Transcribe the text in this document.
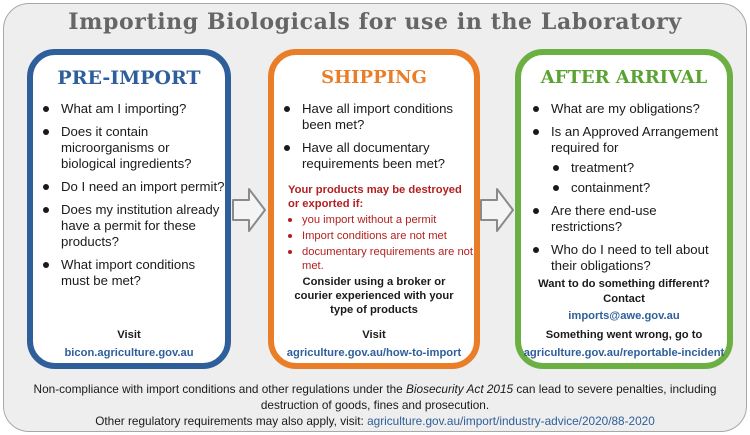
Importing Biologicals for use in the Laboratory
PRE-IMPORT
What am I importing?
Does it contain microorganisms or biological ingredients?
Do I need an import permit?
Does my institution already have a permit for these products?
What import conditions must be met?
Visit
bicon.agriculture.gov.au
SHIPPING
Have all import conditions been met?
Have all documentary requirements been met?
Your products may be destroyed or exported if:
you import without a permit
Import conditions are not met
documentary requirements are not met.
Consider using a broker or courier experienced with your type of products
Visit
agriculture.gov.au/how-to-import
AFTER ARRIVAL
What are my obligations?
Is an Approved Arrangement required for
treatment?
containment?
Are there end-use restrictions?
Who do I need to tell about their obligations?
Want to do something different?
Contact
imports@awe.gov.au
Something went wrong, go to
agriculture.gov.au/reportable-incident
Non-compliance with import conditions and other regulations under the Biosecurity Act 2015 can lead to severe penalties, including
destruction of goods, fines and prosecution.
Other regulatory requirements may also apply, visit: agriculture.gov.au/import/industry-advice/2020/88-2020
